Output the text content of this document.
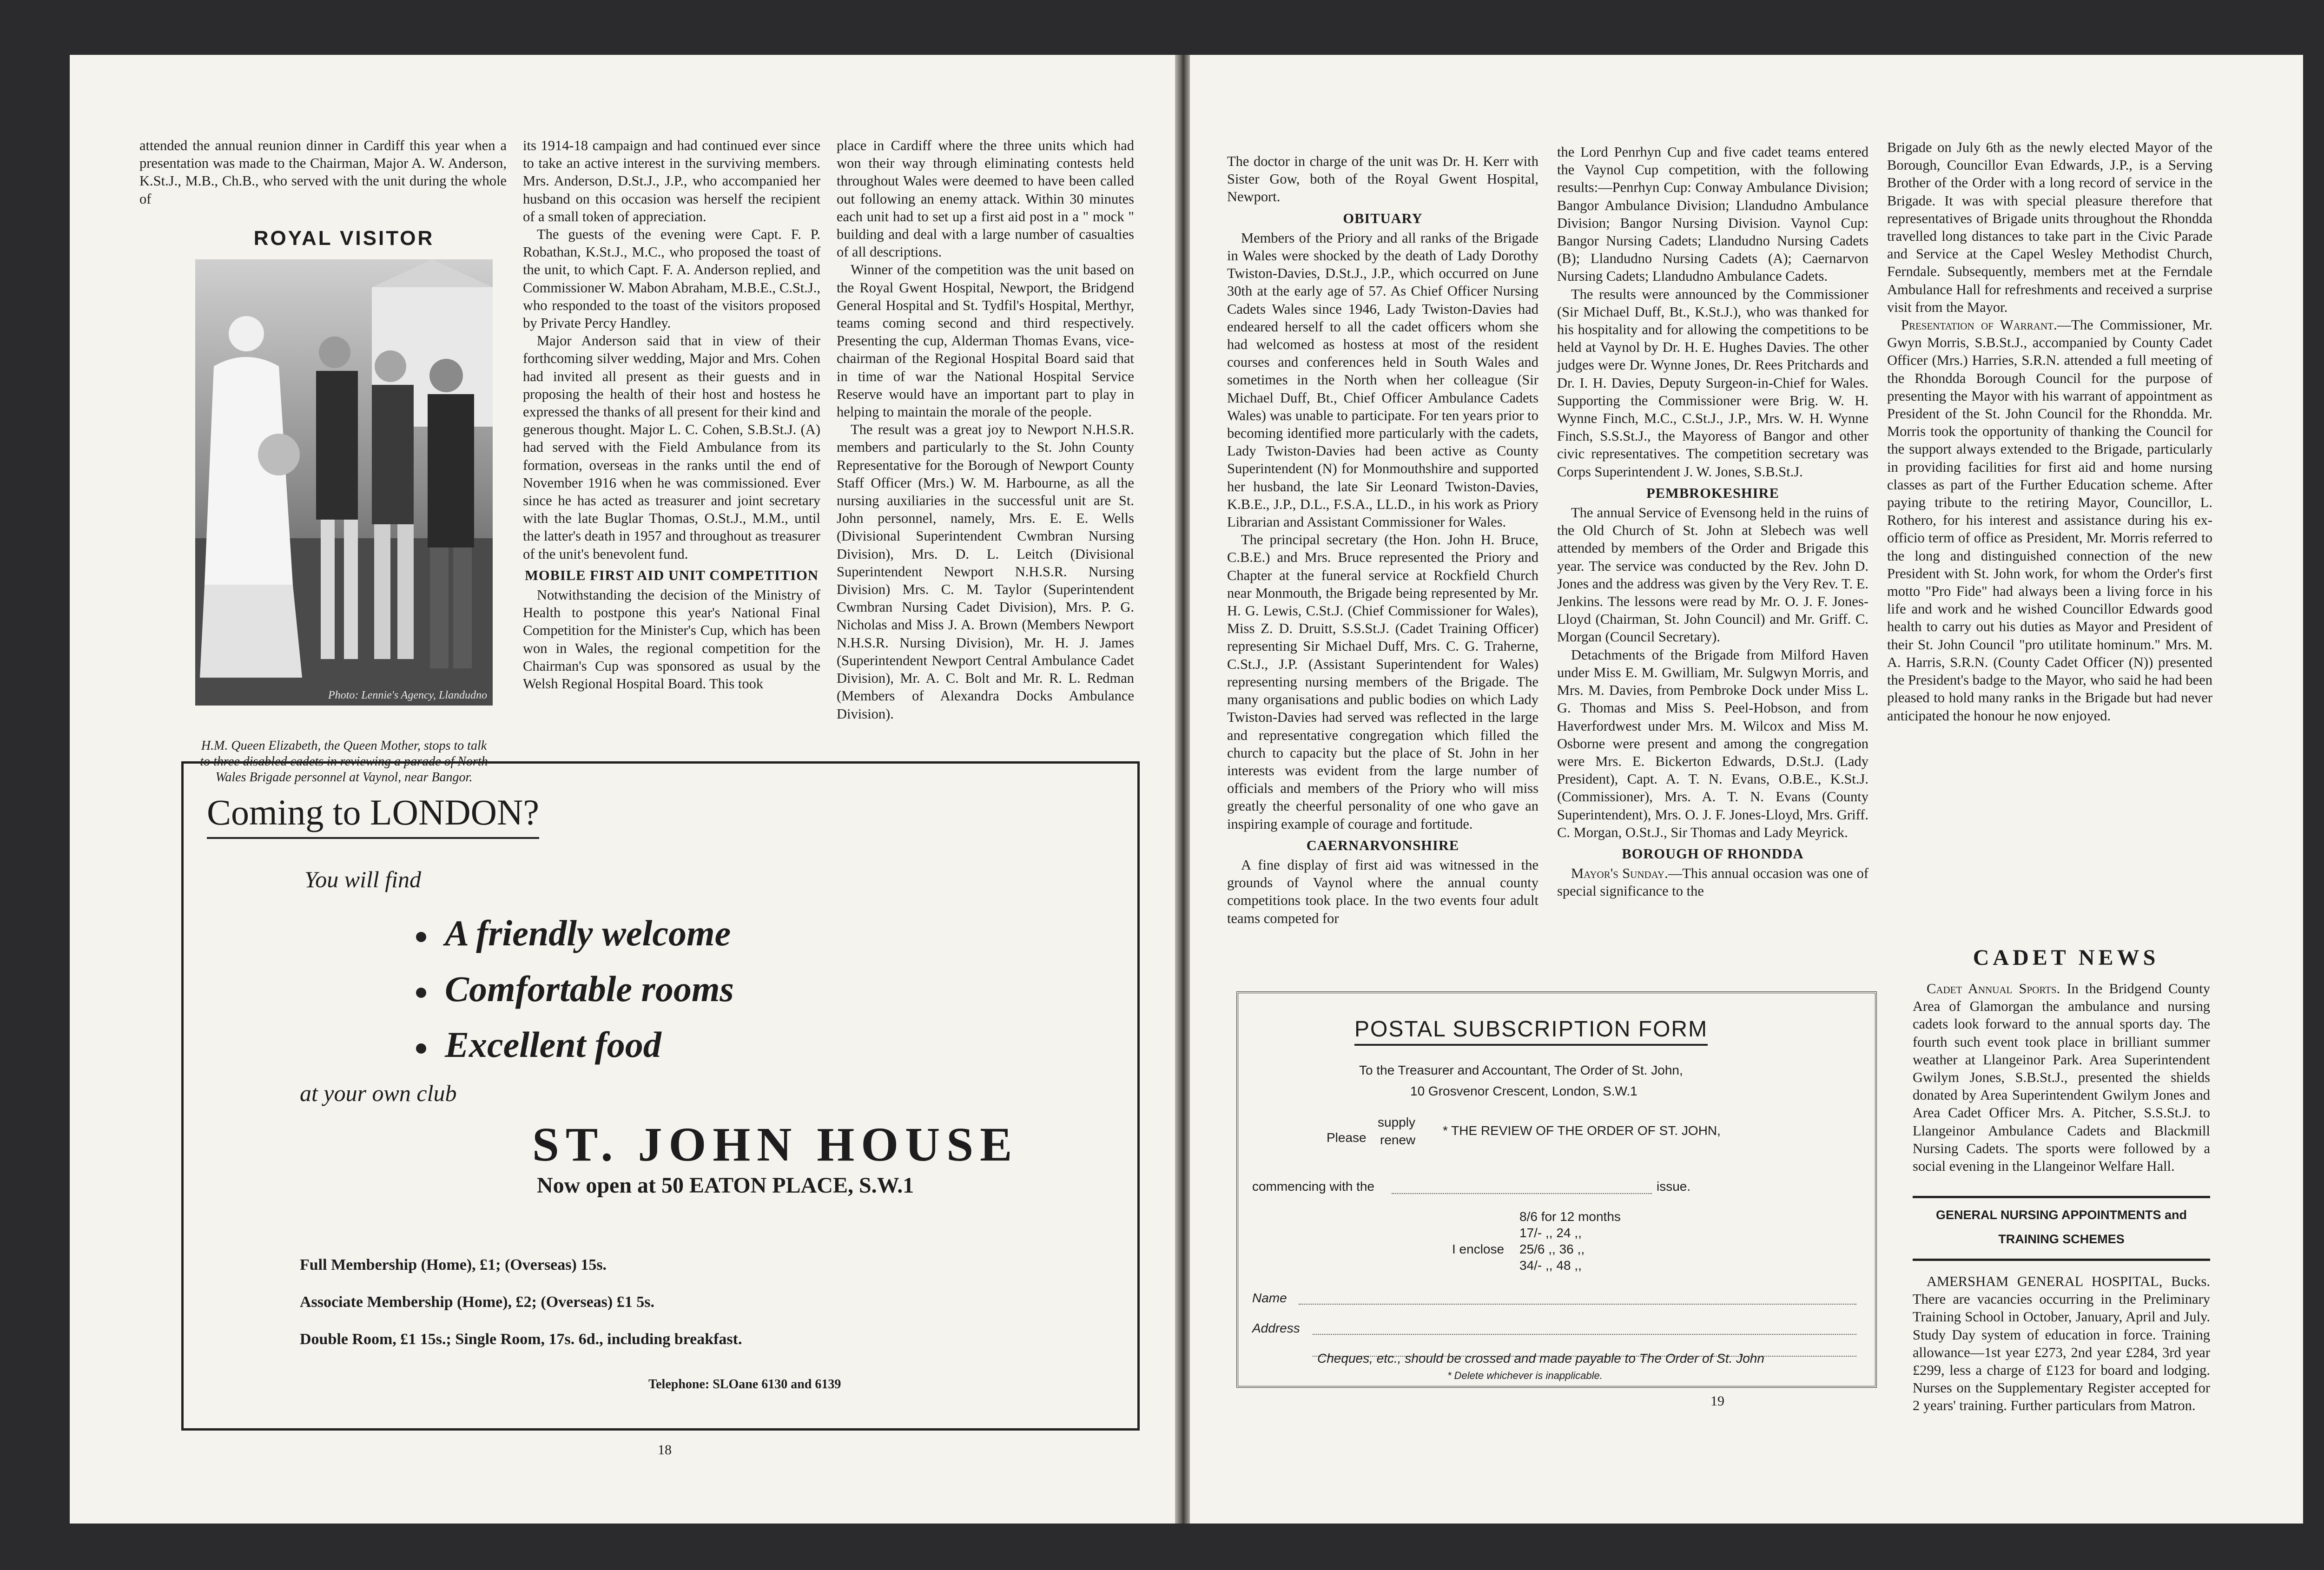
attended the annual reunion dinner in Cardiff this year when a presentation was made to the Chairman, Major A. W. Anderson, K.St.J., M.B., Ch.B., who served with the unit during the whole of

ROYAL VISITOR
Photo: Lennie's Agency, Llandudno
H.M. Queen Elizabeth, the Queen Mother, stops to talk to three disabled cadets in reviewing a parade of North Wales Brigade personnel at Vaynol, near Bangor.

its 1914-18 campaign and had continued ever since to take an active interest in the surviving members. Mrs. Anderson, D.St.J., J.P., who accompanied her husband on this occasion was herself the recipient of a small token of appreciation.

The guests of the evening were Capt. F. P. Robathan, K.St.J., M.C., who proposed the toast of the unit, to which Capt. F. A. Anderson replied, and Commissioner W. Mabon Abraham, M.B.E., C.St.J., who responded to the toast of the visitors proposed by Private Percy Handley.

Major Anderson said that in view of their forthcoming silver wedding, Major and Mrs. Cohen had invited all present as their guests and in proposing the health of their host and hostess he expressed the thanks of all present for their kind and generous thought. Major L. C. Cohen, S.B.St.J. (A) had served with the Field Ambulance from its formation, overseas in the ranks until the end of November 1916 when he was commissioned. Ever since he has acted as treasurer and joint secretary with the late Buglar Thomas, O.St.J., M.M., until the latter's death in 1957 and throughout as treasurer of the unit's benevolent fund.

MOBILE FIRST AID UNIT COMPETITION

Notwithstanding the decision of the Ministry of Health to postpone this year's National Final Competition for the Minister's Cup, which has been won in Wales, the regional competition for the Chairman's Cup was sponsored as usual by the Welsh Regional Hospital Board. This took

place in Cardiff where the three units which had won their way through eliminating contests held throughout Wales were deemed to have been called out following an enemy attack. Within 30 minutes each unit had to set up a first aid post in a " mock " building and deal with a large number of casualties of all descriptions.

Winner of the competition was the unit based on the Royal Gwent Hospital, Newport, the Bridgend General Hospital and St. Tydfil's Hospital, Merthyr, teams coming second and third respectively. Presenting the cup, Alderman Thomas Evans, vice-chairman of the Regional Hospital Board said that in time of war the National Hospital Service Reserve would have an important part to play in helping to maintain the morale of the people.

The result was a great joy to Newport N.H.S.R. members and particularly to the St. John County Representative for the Borough of Newport County Staff Officer (Mrs.) W. M. Harbourne, as all the nursing auxiliaries in the successful unit are St. John personnel, namely, Mrs. E. E. Wells (Divisional Superintendent Cwmbran Nursing Division), Mrs. D. L. Leitch (Divisional Superintendent Newport N.H.S.R. Nursing Division) Mrs. C. M. Taylor (Superintendent Cwmbran Nursing Cadet Division), Mrs. P. G. Nicholas and Miss J. A. Brown (Members Newport N.H.S.R. Nursing Division), Mr. H. J. James (Superintendent Newport Central Ambulance Cadet Division), Mr. A. C. Bolt and Mr. R. L. Redman (Members of Alexandra Docks Ambulance Division).

Coming to LONDON?
You will find
A friendly welcome
Comfortable rooms
Excellent food
at your own club
ST. JOHN HOUSE
Now open at 50 EATON PLACE, S.W.1
Full Membership (Home), £1; (Overseas) 15s.
Associate Membership (Home), £2; (Overseas) £1 5s.
Double Room, £1 15s.; Single Room, 17s. 6d., including breakfast.
Telephone: SLOane 6130 and 6139
18

The doctor in charge of the unit was Dr. H. Kerr with Sister Gow, both of the Royal Gwent Hospital, Newport.

OBITUARY

Members of the Priory and all ranks of the Brigade in Wales were shocked by the death of Lady Dorothy Twiston-Davies, D.St.J., J.P., which occurred on June 30th at the early age of 57. As Chief Officer Nursing Cadets Wales since 1946, Lady Twiston-Davies had endeared herself to all the cadet officers whom she had welcomed as hostess at most of the resident courses and conferences held in South Wales and sometimes in the North when her colleague (Sir Michael Duff, Bt., Chief Officer Ambulance Cadets Wales) was unable to participate. For ten years prior to becoming identified more particularly with the cadets, Lady Twiston-Davies had been active as County Superintendent (N) for Monmouthshire and supported her husband, the late Sir Leonard Twiston-Davies, K.B.E., J.P., D.L., F.S.A., LL.D., in his work as Priory Librarian and Assistant Commissioner for Wales.

The principal secretary (the Hon. John H. Bruce, C.B.E.) and Mrs. Bruce represented the Priory and Chapter at the funeral service at Rockfield Church near Monmouth, the Brigade being represented by Mr. H. G. Lewis, C.St.J. (Chief Commissioner for Wales), Miss Z. D. Druitt, S.S.St.J. (Cadet Training Officer) representing Sir Michael Duff, Mrs. C. G. Traherne, C.St.J., J.P. (Assistant Superintendent for Wales) representing nursing members of the Brigade. The many organisations and public bodies on which Lady Twiston-Davies had served was reflected in the large and representative congregation which filled the church to capacity but the place of St. John in her interests was evident from the large number of officials and members of the Priory who will miss greatly the cheerful personality of one who gave an inspiring example of courage and fortitude.

CAERNARVONSHIRE

A fine display of first aid was witnessed in the grounds of Vaynol where the annual county competitions took place. In the two events four adult teams competed for

the Lord Penrhyn Cup and five cadet teams entered the Vaynol Cup competition, with the following results:—Penrhyn Cup: Conway Ambulance Division; Bangor Ambulance Division; Llandudno Ambulance Division; Bangor Nursing Division. Vaynol Cup: Bangor Nursing Cadets; Llandudno Nursing Cadets (B); Llandudno Nursing Cadets (A); Caernarvon Nursing Cadets; Llandudno Ambulance Cadets.

The results were announced by the Commissioner (Sir Michael Duff, Bt., K.St.J.), who was thanked for his hospitality and for allowing the competitions to be held at Vaynol by Dr. H. E. Hughes Davies. The other judges were Dr. Wynne Jones, Dr. Rees Pritchards and Dr. I. H. Davies, Deputy Surgeon-in-Chief for Wales. Supporting the Commissioner were Brig. W. H. Wynne Finch, M.C., C.St.J., J.P., Mrs. W. H. Wynne Finch, S.S.St.J., the Mayoress of Bangor and other civic representatives. The competition secretary was Corps Superintendent J. W. Jones, S.B.St.J.

PEMBROKESHIRE

The annual Service of Evensong held in the ruins of the Old Church of St. John at Slebech was well attended by members of the Order and Brigade this year. The service was conducted by the Rev. John D. Jones and the address was given by the Very Rev. T. E. Jenkins. The lessons were read by Mr. O. J. F. Jones-Lloyd (Chairman, St. John Council) and Mr. Griff. C. Morgan (Council Secretary).

Detachments of the Brigade from Milford Haven under Miss E. M. Gwilliam, Mr. Sulgwyn Morris, and Mrs. M. Davies, from Pembroke Dock under Miss L. G. Thomas and Miss S. Peel-Hobson, and from Haverfordwest under Mrs. M. Wilcox and Miss M. Osborne were present and among the congregation were Mrs. E. Bickerton Edwards, D.St.J. (Lady President), Capt. A. T. N. Evans, O.B.E., K.St.J. (Commissioner), Mrs. A. T. N. Evans (County Superintendent), Mrs. O. J. F. Jones-Lloyd, Mrs. Griff. C. Morgan, O.St.J., Sir Thomas and Lady Meyrick.

BOROUGH OF RHONDDA

Mayor's Sunday.—This annual occasion was one of special significance to the

Brigade on July 6th as the newly elected Mayor of the Borough, Councillor Evan Edwards, J.P., is a Serving Brother of the Order with a long record of service in the Brigade. It was with special pleasure therefore that representatives of Brigade units throughout the Rhondda travelled long distances to take part in the Civic Parade and Service at the Capel Wesley Methodist Church, Ferndale. Subsequently, members met at the Ferndale Ambulance Hall for refreshments and received a surprise visit from the Mayor.

Presentation of Warrant.—The Commissioner, Mr. Gwyn Morris, S.B.St.J., accompanied by County Cadet Officer (Mrs.) Harries, S.R.N. attended a full meeting of the Rhondda Borough Council for the purpose of presenting the Mayor with his warrant of appointment as President of the St. John Council for the Rhondda. Mr. Morris took the opportunity of thanking the Council for the support always extended to the Brigade, particularly in providing facilities for first aid and home nursing classes as part of the Further Education scheme. After paying tribute to the retiring Mayor, Councillor, L. Rothero, for his interest and assistance during his ex-officio term of office as President, Mr. Morris referred to the long and distinguished connection of the new President with St. John work, for whom the Order's first motto "Pro Fide" had always been a living force in his life and work and he wished Councillor Edwards good health to carry out his duties as Mayor and President of their St. John Council "pro utilitate hominum." Mrs. M. A. Harris, S.R.N. (County Cadet Officer (N)) presented the President's badge to the Mayor, who said he had been pleased to hold many ranks in the Brigade but had never anticipated the honour he now enjoyed.

CADET NEWS

Cadet Annual Sports. In the Bridgend County Area of Glamorgan the ambulance and nursing cadets look forward to the annual sports day. The fourth such event took place in brilliant summer weather at Llangeinor Park. Area Superintendent Gwilym Jones, S.B.St.J., presented the shields donated by Area Superintendent Gwilym Jones and Area Cadet Officer Mrs. A. Pitcher, S.S.St.J. to Llangeinor Ambulance Cadets and Blackmill Nursing Cadets. The sports were followed by a social evening in the Llangeinor Welfare Hall.

GENERAL NURSING APPOINTMENTS and TRAINING SCHEMES

AMERSHAM GENERAL HOSPITAL, Bucks. There are vacancies occurring in the Preliminary Training School in October, January, April and July. Study Day system of education in force. Training allowance—1st year £273, 2nd year £284, 3rd year £299, less a charge of £123 for board and lodging. Nurses on the Supplementary Register accepted for 2 years' training. Further particulars from Matron.

POSTAL SUBSCRIPTION FORM
To the Treasurer and Accountant, The Order of St. John,
10 Grosvenor Crescent, London, S.W.1
Please
supply
renew
* THE REVIEW OF THE ORDER OF ST. JOHN,
commencing with the	issue.
I enclose
8/6 for 12 months
17/- ,, 24 ,,
25/6 ,, 36 ,,
34/- ,, 48 ,,
Name
Address
Cheques, etc., should be crossed and made payable to The Order of St. John
* Delete whichever is inapplicable.
19
